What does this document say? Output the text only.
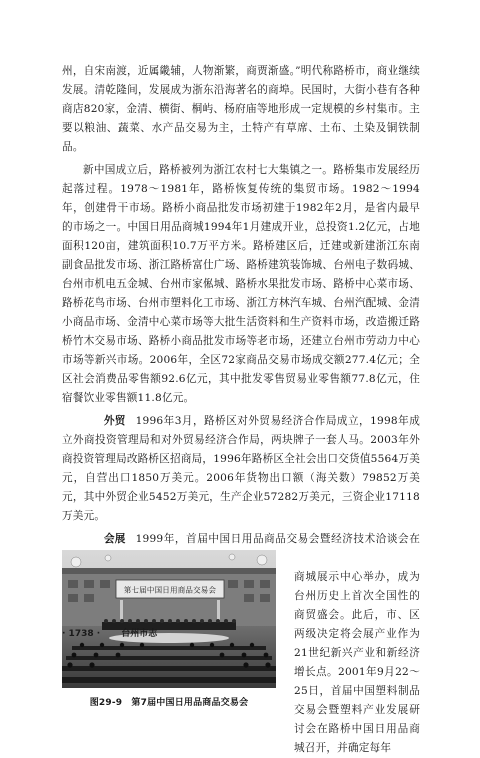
州，自宋南渡，近属畿辅，人物渐繁，商贾渐盛。”明代称路桥市，商业继续发展。清乾隆间，发展成为浙东沿海著名的商埠。民国时，大街小巷有各种商店820家，金清、横街、桐屿、杨府庙等地形成一定规模的乡村集市。主要以粮油、蔬菜、水产品交易为主，土特产有草席、土布、土染及铜铁制品。

新中国成立后，路桥被列为浙江农村七大集镇之一。路桥集市发展经历起落过程。1978～1981年，路桥恢复传统的集贸市场。1982～1994年，创建骨干市场。路桥小商品批发市场初建于1982年2月，是省内最早的市场之一。中国日用品商城1994年1月建成开业，总投资1.2亿元，占地面积120亩，建筑面积10.7万平方米。路桥建区后，迁建或新建浙江东南副食品批发市场、浙江路桥富仕广场、路桥建筑装饰城、台州电子数码城、台州市机电五金城、台州市家俬城、路桥水果批发市场、路桥中心菜市场、路桥花鸟市场、台州市塑料化工市场、浙江方林汽车城、台州汽配城、金清小商品市场、金清中心菜市场等大批生活资料和生产资料市场，改造搬迁路桥竹木交易市场、路桥小商品批发市场等老市场，还建立台州市劳动力中心市场等新兴市场。2006年，全区72家商品交易市场成交额277.4亿元；全区社会消费品零售额92.6亿元，其中批发零售贸易业零售额77.8亿元，住宿餐饮业零售额11.8亿元。

外贸 1996年3月，路桥区对外贸易经济合作局成立，1998年成立外商投资管理局和对外贸易经济合作局，两块牌子一套人马。2003年外商投资管理局改路桥区招商局，1996年路桥区全社会出口交货值5564万美元，自营出口1850万美元。2006年货物出口额（海关数）79852万美元，其中外贸企业5452万美元，生产企业57282万美元，三资企业17118万美元。

会展 1999年，首届中国日用品商品交易会暨经济技术洽谈会在

第七届中国日用商品交易会
图29-9　第7届中国日用品商品交易会
商城展示中心举办，成为台州历史上首次全国性的商贸盛会。此后，市、区两级决定将会展产业作为21世纪新兴产业和新经济增长点。2001年9月22～25日，首届中国塑料制品交易会暨塑料产业发展研讨会在路桥中国日用品商城召开，并确定每年
· 1738 · 台州市志
